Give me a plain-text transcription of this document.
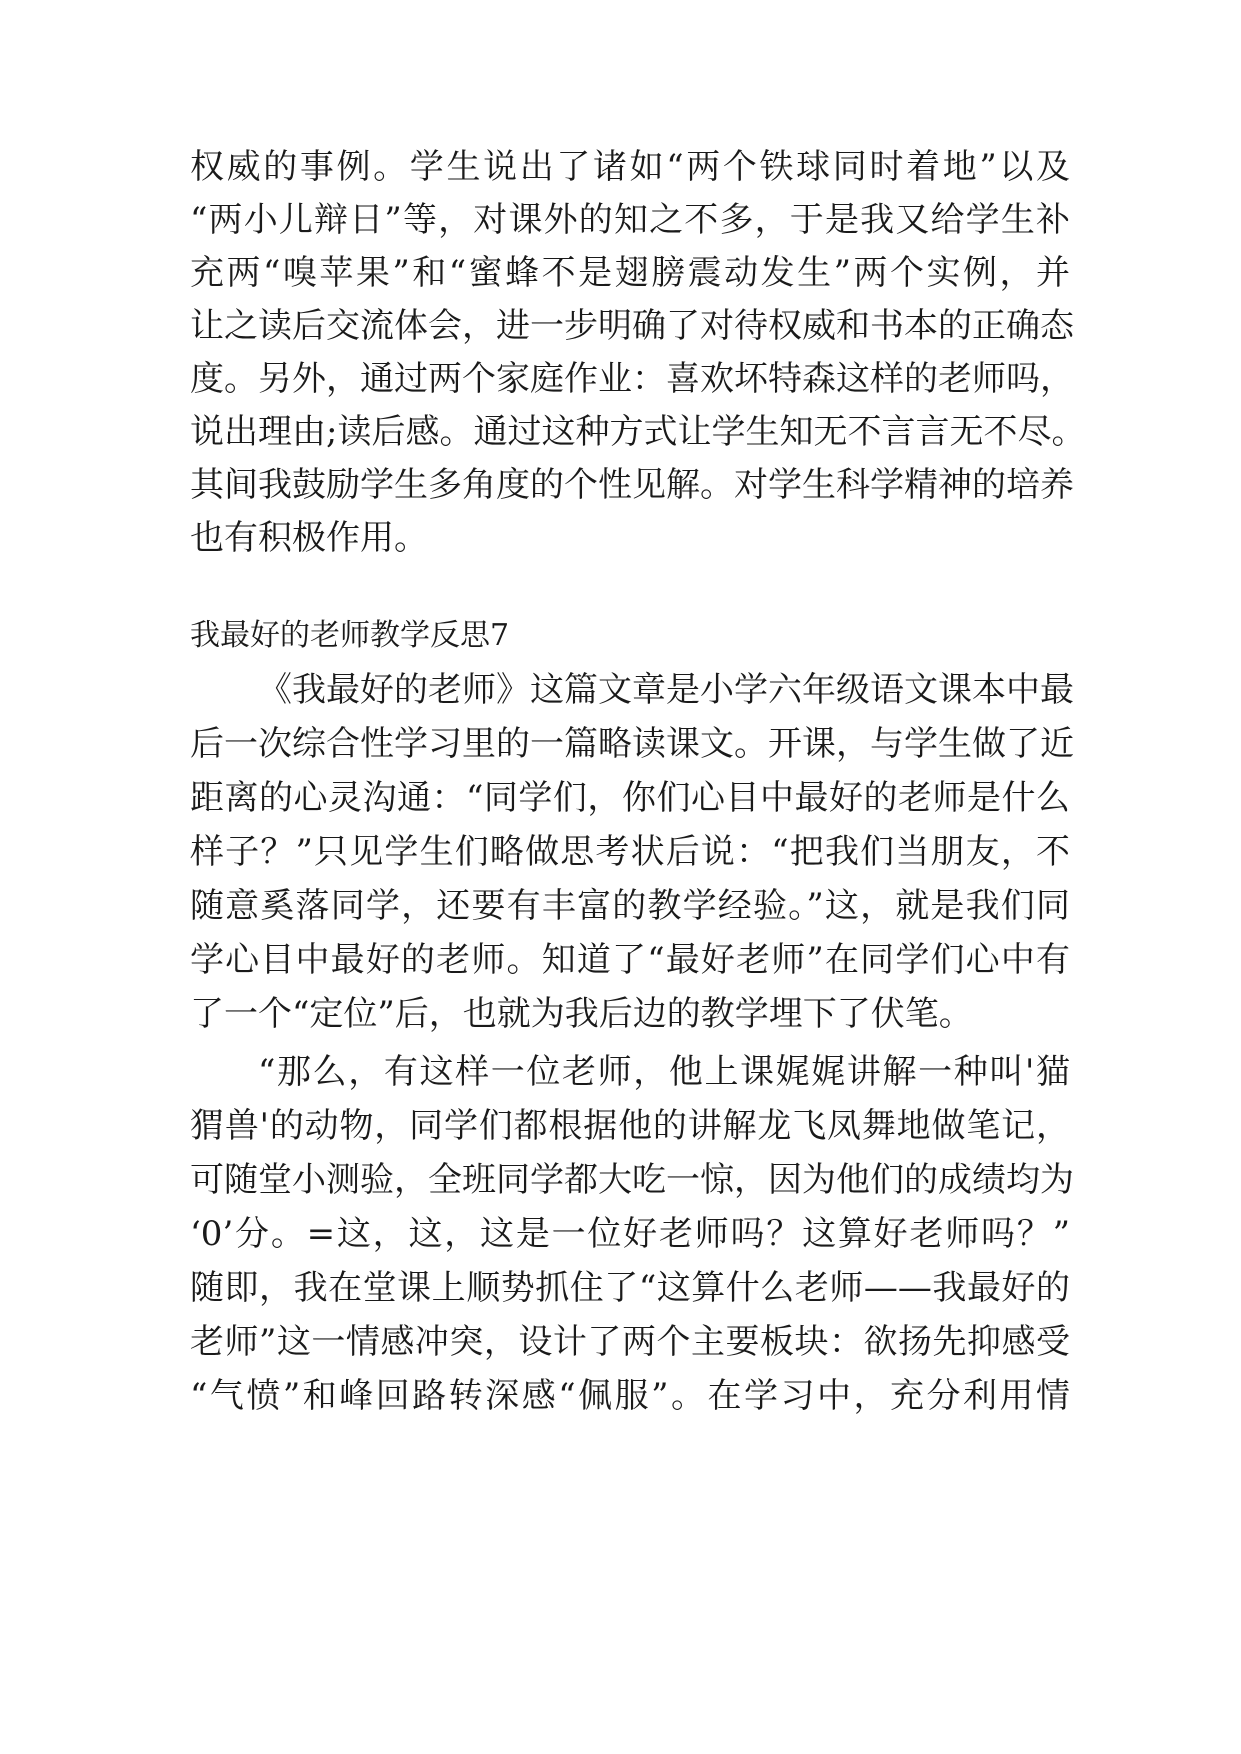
权威的事例。学生说出了诸如“两个铁球同时着地”以及
“两小儿辩日”等，对课外的知之不多，于是我又给学生补
充两“嗅苹果”和“蜜蜂不是翅膀震动发生”两个实例，并
让之读后交流体会，进一步明确了对待权威和书本的正确态
度。另外，通过两个家庭作业：喜欢坏特森这样的老师吗，
说出理由;读后感。通过这种方式让学生知无不言言无不尽。
其间我鼓励学生多角度的个性见解。对学生科学精神的培养
也有积极作用。
我最好的老师教学反思7
《我最好的老师》这篇文章是小学六年级语文课本中最
后一次综合性学习里的一篇略读课文。开课，与学生做了近
距离的心灵沟通：“同学们，你们心目中最好的老师是什么
样子？”只见学生们略做思考状后说：“把我们当朋友，不
随意奚落同学，还要有丰富的教学经验。”这，就是我们同
学心目中最好的老师。知道了“最好老师”在同学们心中有
了一个“定位”后，也就为我后边的教学埋下了伏笔。
“那么，有这样一位老师，他上课娓娓讲解一种叫'猫
猬兽'的动物，同学们都根据他的讲解龙飞凤舞地做笔记，
可随堂小测验，全班同学都大吃一惊，因为他们的成绩均为
‘0’分。=这，这，这是一位好老师吗？这算好老师吗？”
随即，我在堂课上顺势抓住了“这算什么老师——我最好的
老师”这一情感冲突，设计了两个主要板块：欲扬先抑感受
“气愤”和峰回路转深感“佩服”。在学习中，充分利用情
